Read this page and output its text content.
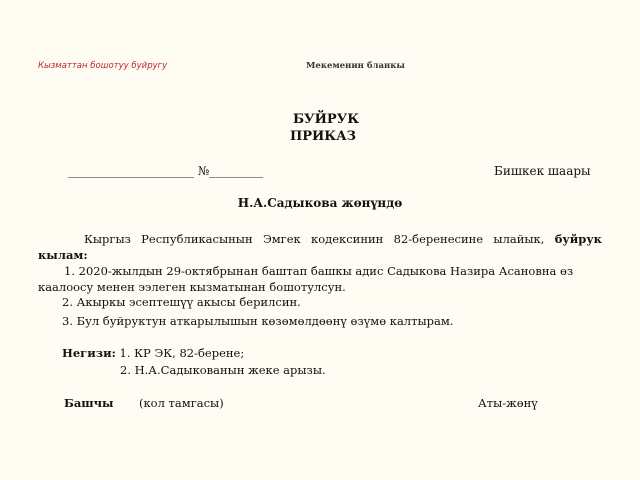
Кызматтан бошотуу буйругу	Мекеменин бланкы
БУЙРУК
ПРИКАЗ
_____________________ №_________	Бишкек шаары
Н.А.Садыкова жөнүндө
Кыргыз Республикасынын Эмгек кодексинин 82-беренесине ылайык, буйрук
кылам:
1. 2020-жылдын 29-октябрынан баштап башкы адис Садыкова Назира Асановна өз каалоосу менен ээлеген кызматынан бошотулсун.
2. Акыркы эсептешүү акысы берилсин.
3. Бул буйруктун аткарылышын көзөмөлдөөнү өзүмө калтырам.
Негизи: 1. КР ЭК, 82-берене;
2. Н.А.Садыкованын жеке арызы.
Башчы (кол тамгасы)	Аты-жөнү
